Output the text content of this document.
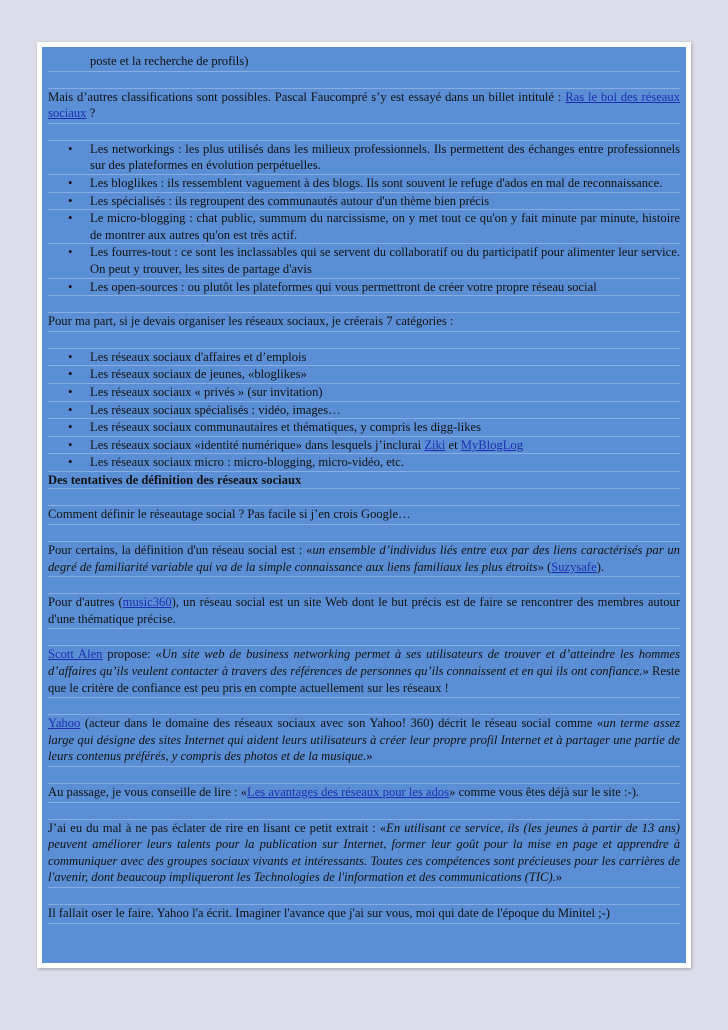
poste et la recherche de profils)

Mais d’autres classifications sont possibles. Pascal Faucompré s’y est essayé dans un billet intitulé : Ras le bol des réseaux sociaux ?

• Les networkings : les plus utilisés dans les milieux professionnels. Ils permettent des échanges entre professionnels sur des plateformes en évolution perpétuelles.
• Les bloglikes : ils ressemblent vaguement à des blogs. Ils sont souvent le refuge d'ados en mal de reconnaissance.
• Les spécialisés : ils regroupent des communautés autour d'un thème bien précis
• Le micro-blogging : chat public, summum du narcissisme, on y met tout ce qu'on y fait minute par minute, histoire de montrer aux autres qu'on est très actif.
• Les fourres-tout : ce sont les inclassables qui se servent du collaboratif ou du participatif pour alimenter leur service. On peut y trouver, les sites de partage d'avis
• Les open-sources : ou plutôt les plateformes qui vous permettront de créer votre propre réseau social

Pour ma part, si je devais organiser les réseaux sociaux, je créerais 7 catégories :

• Les réseaux sociaux d'affaires et d’emplois
• Les réseaux sociaux de jeunes, «bloglikes»
• Les réseaux sociaux « privés » (sur invitation)
• Les réseaux sociaux spécialisés : vidéo, images…
• Les réseaux sociaux communautaires et thématiques, y compris les digg-likes
• Les réseaux sociaux «identité numérique» dans lesquels j’inclurai Ziki et MyBlogLog
• Les réseaux sociaux micro : micro-blogging, micro-vidéo, etc.
Des tentatives de définition des réseaux sociaux

Comment définir le réseautage social ? Pas facile si j’en crois Google…

Pour certains, la définition d'un réseau social est : «un ensemble d’individus liés entre eux par des liens caractérisés par un degré de familiarité variable qui va de la simple connaissance aux liens familiaux les plus étroits» (Suzysafe).

Pour d'autres (music360), un réseau social est un site Web dont le but précis est de faire se rencontrer des membres autour d'une thématique précise.

Scott Alen propose: «Un site web de business networking permet à ses utilisateurs de trouver et d’atteindre les hommes d’affaires qu’ils veulent contacter à travers des références de personnes qu’ils connaissent et en qui ils ont confiance.» Reste que le critère de confiance est peu pris en compte actuellement sur les réseaux !

Yahoo (acteur dans le domaine des réseaux sociaux avec son Yahoo! 360) décrit le réseau social comme «un terme assez large qui désigne des sites Internet qui aident leurs utilisateurs à créer leur propre profil Internet et à partager une partie de leurs contenus préférés, y compris des photos et de la musique.»

Au passage, je vous conseille de lire : «Les avantages des réseaux pour les ados» comme vous êtes déjà sur le site :-).

J’ai eu du mal à ne pas éclater de rire en lisant ce petit extrait : «En utilisant ce service, ils (les jeunes à partir de 13 ans) peuvent améliorer leurs talents pour la publication sur Internet, former leur goût pour la mise en page et apprendre à communiquer avec des groupes sociaux vivants et intéressants. Toutes ces compétences sont précieuses pour les carrières de l'avenir, dont beaucoup impliqueront les Technologies de l'information et des communications (TIC).»

Il fallait oser le faire. Yahoo l'a écrit. Imaginer l'avance que j'ai sur vous, moi qui date de l'époque du Minitel ;-)
